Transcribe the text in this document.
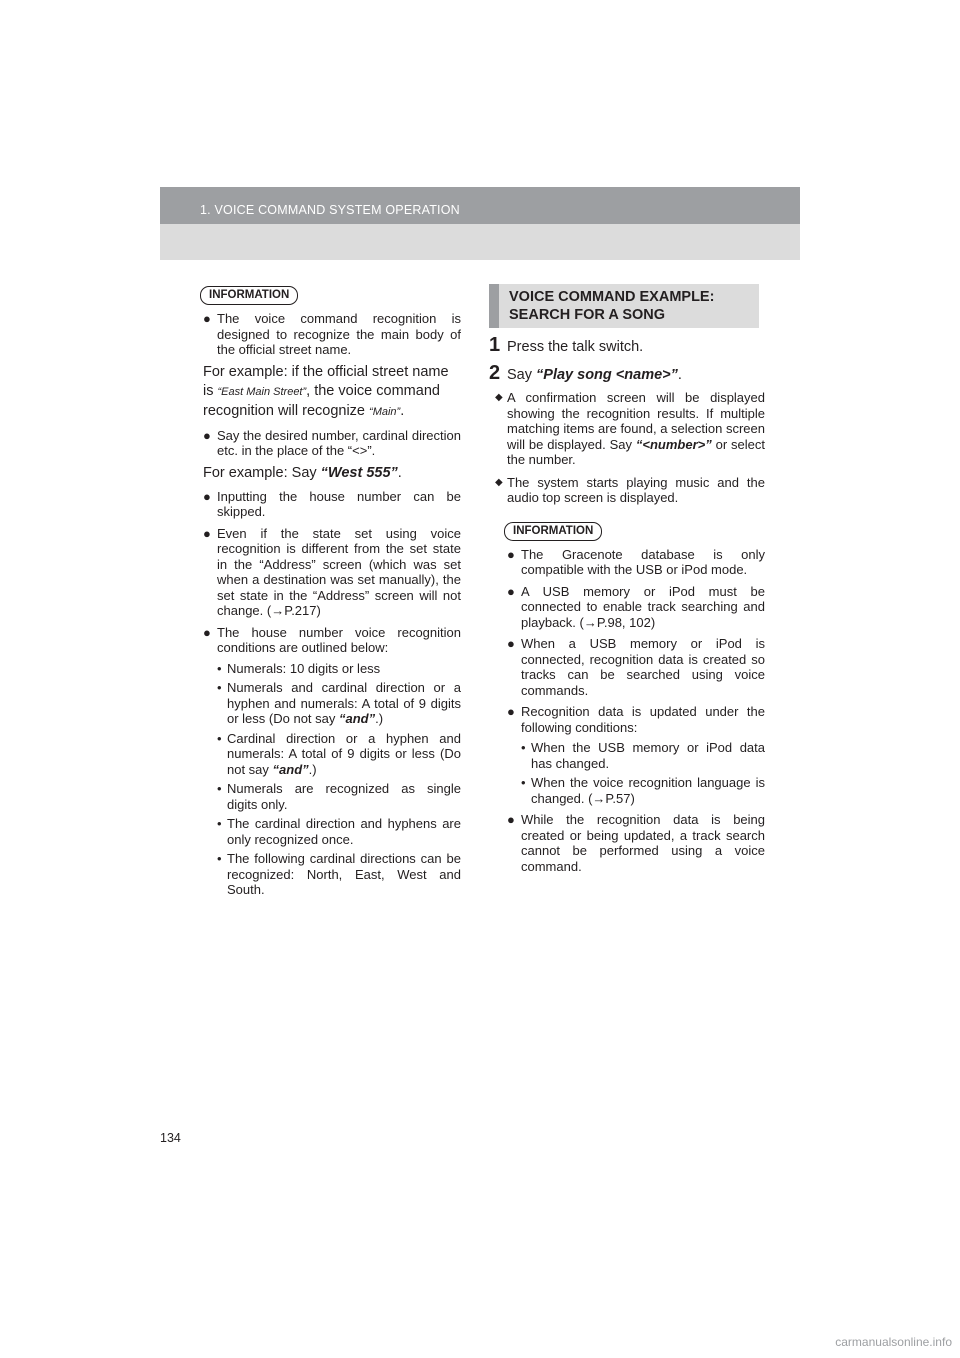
1. VOICE COMMAND SYSTEM OPERATION
INFORMATION
● The voice command recognition is designed to recognize the main body of the official street name.
For example: if the official street name is “East Main Street”, the voice command recognition will recognize “Main”.
● Say the desired number, cardinal direction etc. in the place of the “<>”.
For example: Say “West 555”.
● Inputting the house number can be skipped.
● Even if the state set using voice recognition is different from the set state in the “Address” screen (which was set when a destination was set manually), the set state in the “Address” screen will not change. (→P.217)
● The house number voice recognition conditions are outlined below:
• Numerals: 10 digits or less
• Numerals and cardinal direction or a hyphen and numerals: A total of 9 digits or less (Do not say “and”.)
• Cardinal direction or a hyphen and numerals: A total of 9 digits or less (Do not say “and”.)
• Numerals are recognized as single digits only.
• The cardinal direction and hyphens are only recognized once.
• The following cardinal directions can be recognized: North, East, West and South.
VOICE COMMAND EXAMPLE:
SEARCH FOR A SONG
1 Press the talk switch.
2 Say “Play song <name>”.
◆ A confirmation screen will be displayed showing the recognition results. If multiple matching items are found, a selection screen will be displayed. Say “<number>” or select the number.
◆ The system starts playing music and the audio top screen is displayed.
INFORMATION
● The Gracenote database is only compatible with the USB or iPod mode.
● A USB memory or iPod must be connected to enable track searching and playback. (→P.98, 102)
● When a USB memory or iPod is connected, recognition data is created so tracks can be searched using voice commands.
● Recognition data is updated under the following conditions:
• When the USB memory or iPod data has changed.
• When the voice recognition language is changed. (→P.57)
● While the recognition data is being created or being updated, a track search cannot be performed using a voice command.
134
carmanualsonline.info
